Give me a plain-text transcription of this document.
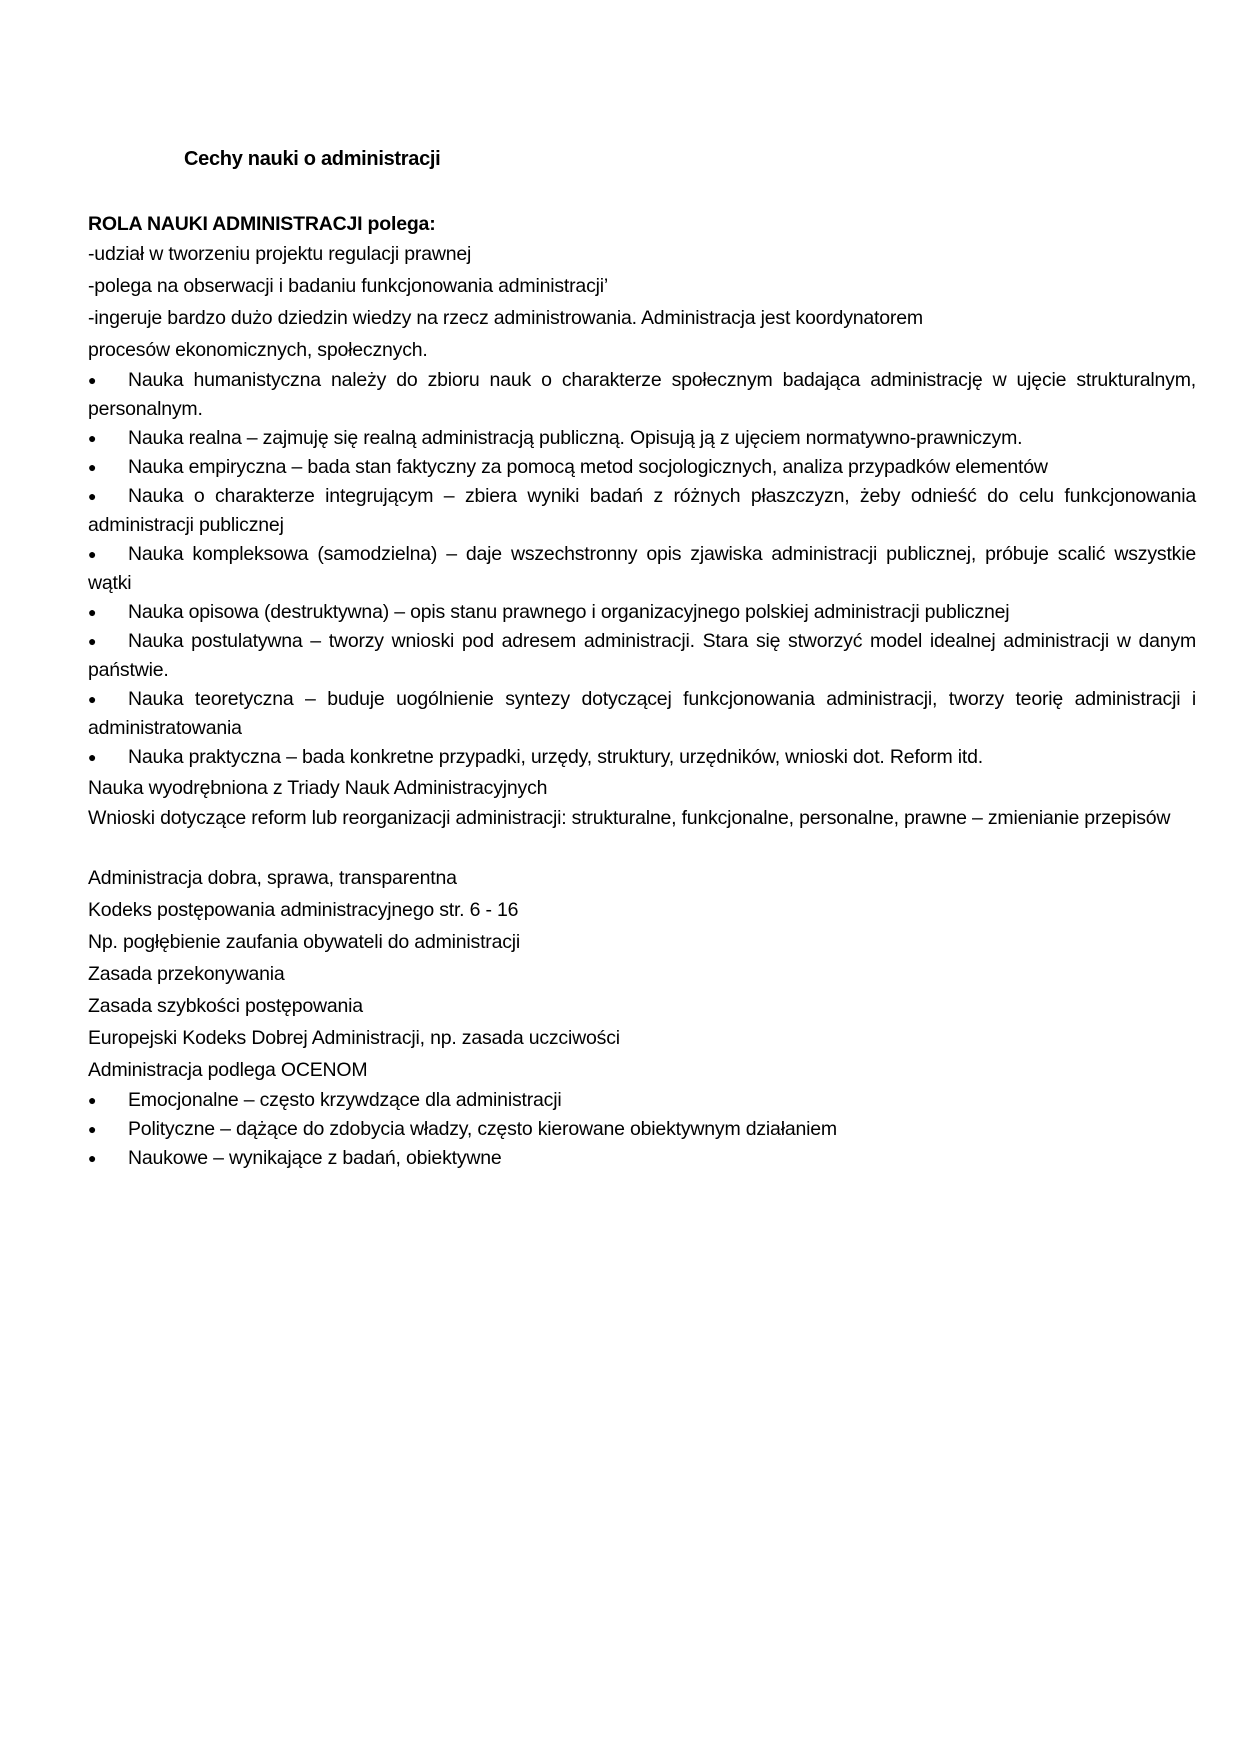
Cechy nauki o administracji

ROLA NAUKI ADMINISTRACJI polega:

-udział w tworzeniu projektu regulacji prawnej

-polega na obserwacji i badaniu funkcjonowania administracji’

-ingeruje bardzo dużo dziedzin wiedzy na rzecz administrowania. Administracja jest koordynatorem

procesów ekonomicznych, społecznych.

● Nauka humanistyczna należy do zbioru nauk o charakterze społecznym badająca administrację w ujęcie strukturalnym, personalnym.
● Nauka realna – zajmuję się realną administracją publiczną. Opisują ją z ujęciem normatywno-prawniczym.
● Nauka empiryczna – bada stan faktyczny za pomocą metod socjologicznych, analiza przypadków elementów
● Nauka o charakterze integrującym – zbiera wyniki badań z różnych płaszczyzn, żeby odnieść do celu funkcjonowania administracji publicznej
● Nauka kompleksowa (samodzielna) – daje wszechstronny opis zjawiska administracji publicznej, próbuje scalić wszystkie wątki
● Nauka opisowa (destruktywna) – opis stanu prawnego i organizacyjnego polskiej administracji publicznej
● Nauka postulatywna – tworzy wnioski pod adresem administracji. Stara się stworzyć model idealnej administracji w danym państwie.
● Nauka teoretyczna – buduje uogólnienie syntezy dotyczącej funkcjonowania administracji, tworzy teorię administracji i administratowania
● Nauka praktyczna – bada konkretne przypadki, urzędy, struktury, urzędników, wnioski dot. Reform itd.

Nauka wyodrębniona z Triady Nauk Administracyjnych

Wnioski dotyczące reform lub reorganizacji administracji: strukturalne, funkcjonalne, personalne, prawne – zmienianie przepisów

Administracja dobra, sprawa, transparentna

Kodeks postępowania administracyjnego str. 6 - 16

Np. pogłębienie zaufania obywateli do administracji

Zasada przekonywania

Zasada szybkości postępowania

Europejski Kodeks Dobrej Administracji, np. zasada uczciwości

Administracja podlega OCENOM

● Emocjonalne – często krzywdzące dla administracji
● Polityczne – dążące do zdobycia władzy, często kierowane obiektywnym działaniem
● Naukowe – wynikające z badań, obiektywne
